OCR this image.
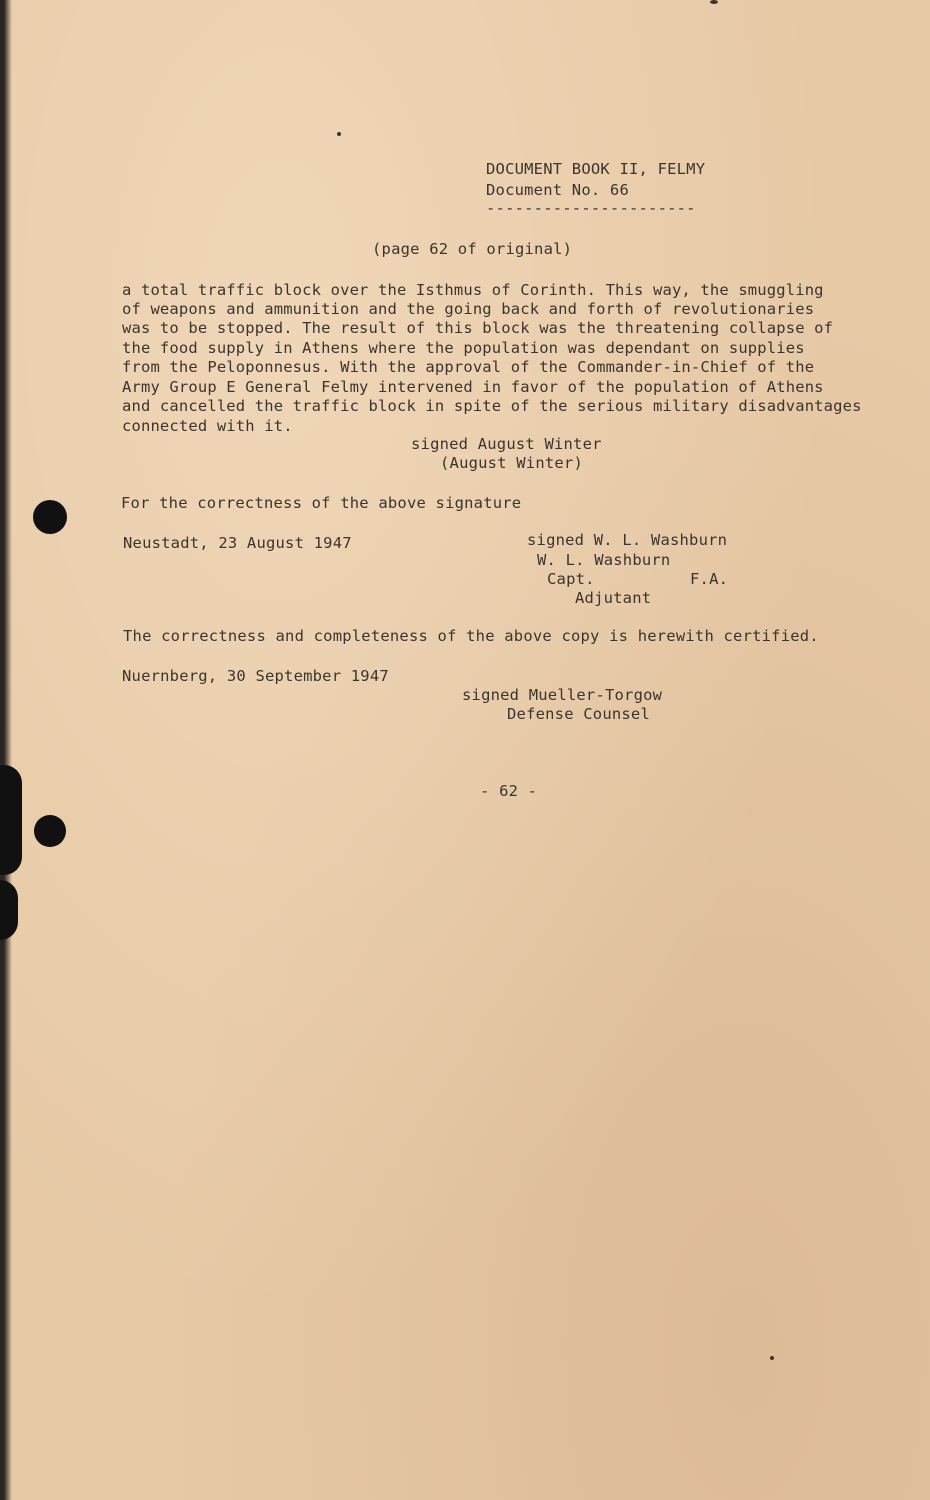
DOCUMENT BOOK II, FELMY
Document No. 66
----------------------
(page 62 of original)
a total traffic block over the Isthmus of Corinth. This way, the smuggling
of weapons and ammunition and the going back and forth of revolutionaries
was to be stopped. The result of this block was the threatening collapse of
the food supply in Athens where the population was dependant on supplies
from the Peloponnesus. With the approval of the Commander-in-Chief of the
Army Group E General Felmy intervened in favor of the population of Athens
and cancelled the traffic block in spite of the serious military disadvantages
connected with it.
signed August Winter
(August Winter)
For the correctness of the above signature
Neustadt, 23 August 1947	signed W. L. Washburn
W. L. Washburn
Capt.	F.A.
Adjutant
The correctness and completeness of the above copy is herewith certified.
Nuernberg, 30 September 1947
signed Mueller-Torgow
Defense Counsel
- 62 -
